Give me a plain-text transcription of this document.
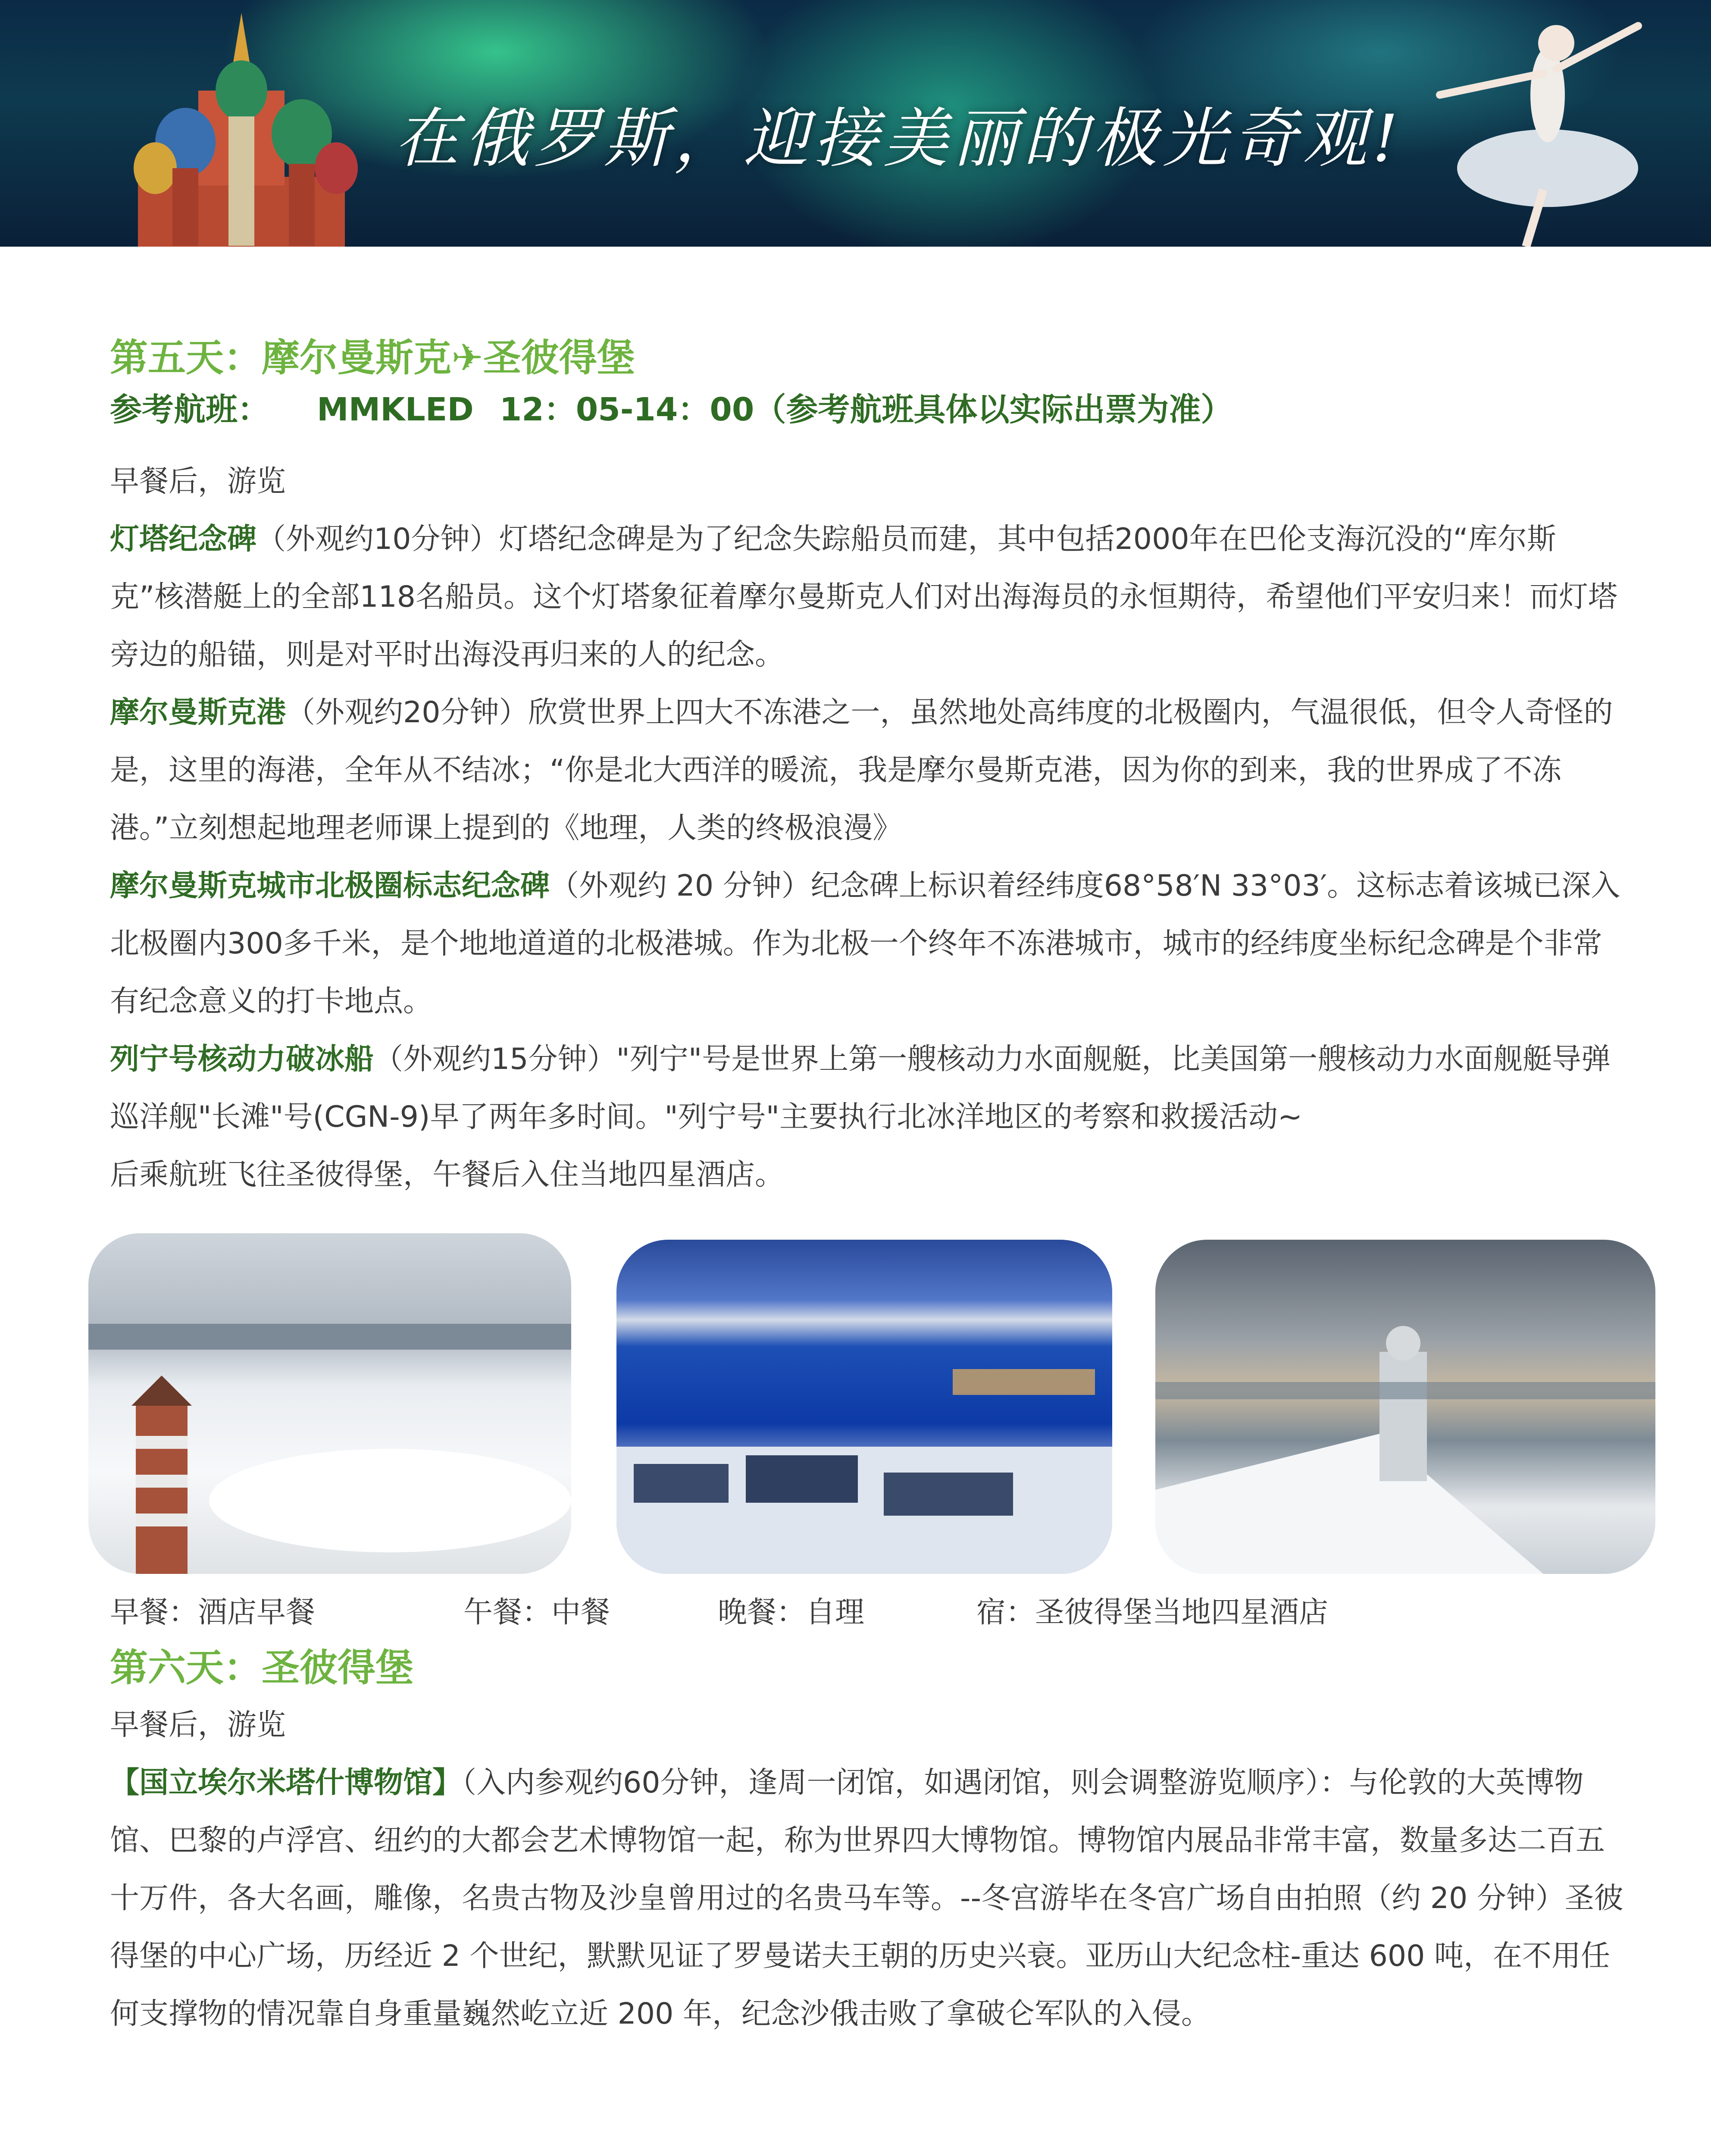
在俄罗斯，迎接美丽的极光奇观!
第五天：摩尔曼斯克✈圣彼得堡
参考航班： MMKLED 12：05-14：00（参考航班具体以实际出票为准）

早餐后，游览

灯塔纪念碑（外观约10分钟）灯塔纪念碑是为了纪念失踪船员而建，其中包括2000年在巴伦支海沉没的“库尔斯克”核潜艇上的全部118名船员。这个灯塔象征着摩尔曼斯克人们对出海海员的永恒期待，希望他们平安归来！而灯塔旁边的船锚，则是对平时出海没再归来的人的纪念。

摩尔曼斯克港（外观约20分钟）欣赏世界上四大不冻港之一，虽然地处高纬度的北极圈内，气温很低，但令人奇怪的是，这里的海港，全年从不结冰；“你是北大西洋的暖流，我是摩尔曼斯克港，因为你的到来，我的世界成了不冻港。”立刻想起地理老师课上提到的《地理，人类的终极浪漫》

摩尔曼斯克城市北极圈标志纪念碑（外观约 20 分钟）纪念碑上标识着经纬度68°58′N 33°03′。这标志着该城已深入北极圈内300多千米，是个地地道道的北极港城。作为北极一个终年不冻港城市，城市的经纬度坐标纪念碑是个非常有纪念意义的打卡地点。

列宁号核动力破冰船（外观约15分钟）"列宁"号是世界上第一艘核动力水面舰艇，比美国第一艘核动力水面舰艇导弹巡洋舰"长滩"号(CGN-9)早了两年多时间。"列宁号"主要执行北冰洋地区的考察和救援活动~

后乘航班飞往圣彼得堡，午餐后入住当地四星酒店。

早餐：酒店早餐	午餐：中餐	晚餐：自理	宿：圣彼得堡当地四星酒店
第六天：圣彼得堡

早餐后，游览

【国立埃尔米塔什博物馆】（入内参观约60分钟，逢周一闭馆，如遇闭馆，则会调整游览顺序）：与伦敦的大英博物馆、巴黎的卢浮宫、纽约的大都会艺术博物馆一起，称为世界四大博物馆。博物馆内展品非常丰富，数量多达二百五十万件，各大名画，雕像，名贵古物及沙皇曾用过的名贵马车等。--冬宫游毕在冬宫广场自由拍照（约 20 分钟）圣彼得堡的中心广场，历经近 2 个世纪，默默见证了罗曼诺夫王朝的历史兴衰。亚历山大纪念柱-重达 600 吨，在不用任何支撑物的情况靠自身重量巍然屹立近 200 年，纪念沙俄击败了拿破仑军队的入侵。
